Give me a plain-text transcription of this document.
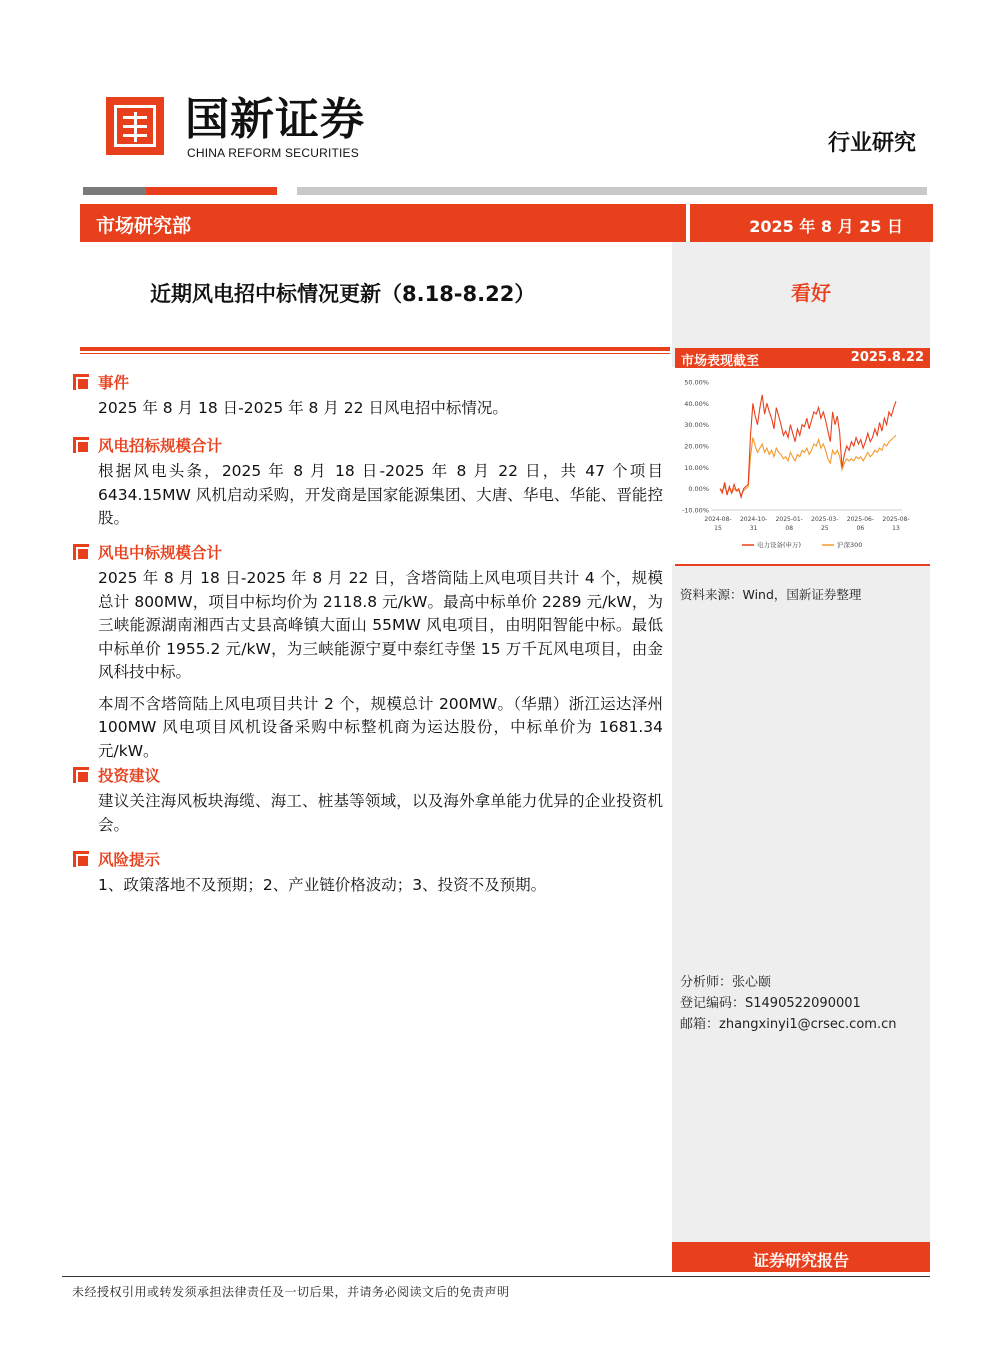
国新证券
CHINA REFORM SECURITIES	行业研究
市场研究部	2025 年 8 月 25 日
近期风电招中标情况更新（8.18-8.22）	看好
市场表现截至	2025.8.22
50.00%
40.00%
30.00%
20.00%
10.00%
0.00%
-10.00%
2024-08-
15
2024-10-
31
2025-01-
08
2025-03-
25
2025-06-
06
2025-08-
13
电力设备(申万)	沪深300
资料来源：Wind，国新证券整理
事件

2025 年 8 月 18 日-2025 年 8 月 22 日风电招中标情况。

风电招标规模合计

根据风电头条，2025 年 8 月 18 日-2025 年 8 月 22 日，共 47 个项目 6434.15MW 风机启动采购，开发商是国家能源集团、大唐、华电、华能、晋能控股。

风电中标规模合计

2025 年 8 月 18 日-2025 年 8 月 22 日，含塔筒陆上风电项目共计 4 个，规模总计 800MW，项目中标均价为 2118.8 元/kW。最高中标单价 2289 元/kW，为三峡能源湖南湘西古丈县高峰镇大面山 55MW 风电项目，由明阳智能中标。最低中标单价 1955.2 元/kW，为三峡能源宁夏中泰红寺堡 15 万千瓦风电项目，由金风科技中标。

本周不含塔筒陆上风电项目共计 2 个，规模总计 200MW。（华鼎）浙江运达泽州 100MW 风电项目风机设备采购中标整机商为运达股份，中标单价为 1681.34 元/kW。

投资建议

建议关注海风板块海缆、海工、桩基等领域，以及海外拿单能力优异的企业投资机会。

风险提示

1、政策落地不及预期；2、产业链价格波动；3、投资不及预期。

分析师：张心颐
登记编码：S1490522090001
邮箱：zhangxinyi1@crsec.com.cn
证券研究报告
未经授权引用或转发须承担法律责任及一切后果，并请务必阅读文后的免责声明
